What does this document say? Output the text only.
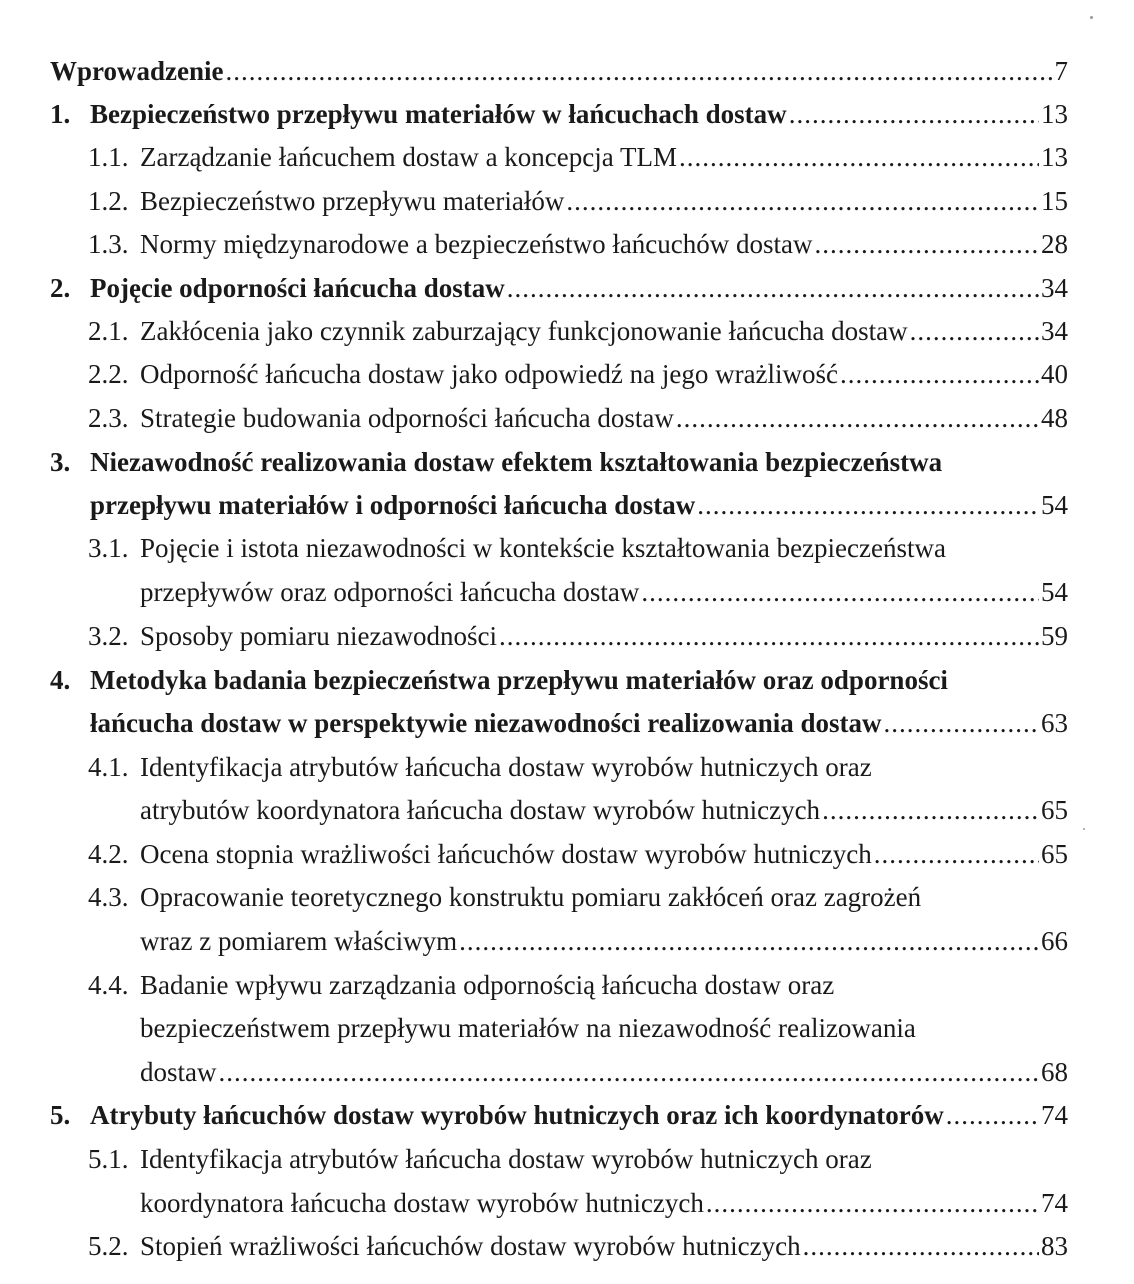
Wprowadzenie .....	7
1. Bezpieczeństwo przepływu materiałów w łańcuchach dostaw .....	13
1.1. Zarządzanie łańcuchem dostaw a koncepcja TLM .....	13
1.2. Bezpieczeństwo przepływu materiałów .....	15
1.3. Normy międzynarodowe a bezpieczeństwo łańcuchów dostaw .....	28
2. Pojęcie odporności łańcucha dostaw .....	34
2.1. Zakłócenia jako czynnik zaburzający funkcjonowanie łańcucha dostaw .....	34
2.2. Odporność łańcucha dostaw jako odpowiedź na jego wrażliwość .....	40
2.3. Strategie budowania odporności łańcucha dostaw .....	48
3. Niezawodność realizowania dostaw efektem kształtowania bezpieczeństwa
przepływu materiałów i odporności łańcucha dostaw .....	54
3.1. Pojęcie i istota niezawodności w kontekście kształtowania bezpieczeństwa
przepływów oraz odporności łańcucha dostaw .....	54
3.2. Sposoby pomiaru niezawodności .....	59
4. Metodyka badania bezpieczeństwa przepływu materiałów oraz odporności
łańcucha dostaw w perspektywie niezawodności realizowania dostaw .....	63
4.1. Identyfikacja atrybutów łańcucha dostaw wyrobów hutniczych oraz
atrybutów koordynatora łańcucha dostaw wyrobów hutniczych .....	65
4.2. Ocena stopnia wrażliwości łańcuchów dostaw wyrobów hutniczych .....	65
4.3. Opracowanie teoretycznego konstruktu pomiaru zakłóceń oraz zagrożeń
wraz z pomiarem właściwym .....	66
4.4. Badanie wpływu zarządzania odpornością łańcucha dostaw oraz
bezpieczeństwem przepływu materiałów na niezawodność realizowania
dostaw .....	68
5. Atrybuty łańcuchów dostaw wyrobów hutniczych oraz ich koordynatorów .....	74
5.1. Identyfikacja atrybutów łańcucha dostaw wyrobów hutniczych oraz
koordynatora łańcucha dostaw wyrobów hutniczych .....	74
5.2. Stopień wrażliwości łańcuchów dostaw wyrobów hutniczych .....	83
